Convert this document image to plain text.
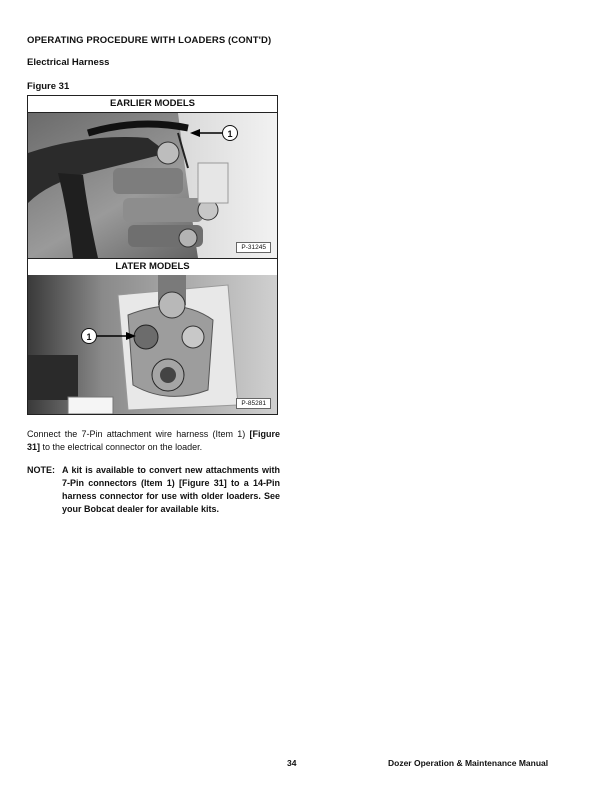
OPERATING PROCEDURE WITH LOADERS (CONT'D)
Electrical Harness
Figure 31
EARLIER MODELS
1
P-31245
LATER MODELS
1
P-85281
Connect the 7-Pin attachment wire harness (Item 1) [Figure 31] to the electrical connector on the loader.
NOTE: A kit is available to convert new attachments with 7-Pin connectors (Item 1) [Figure 31] to a 14-Pin harness connector for use with older loaders. See your Bobcat dealer for available kits.
34	Dozer Operation & Maintenance Manual
